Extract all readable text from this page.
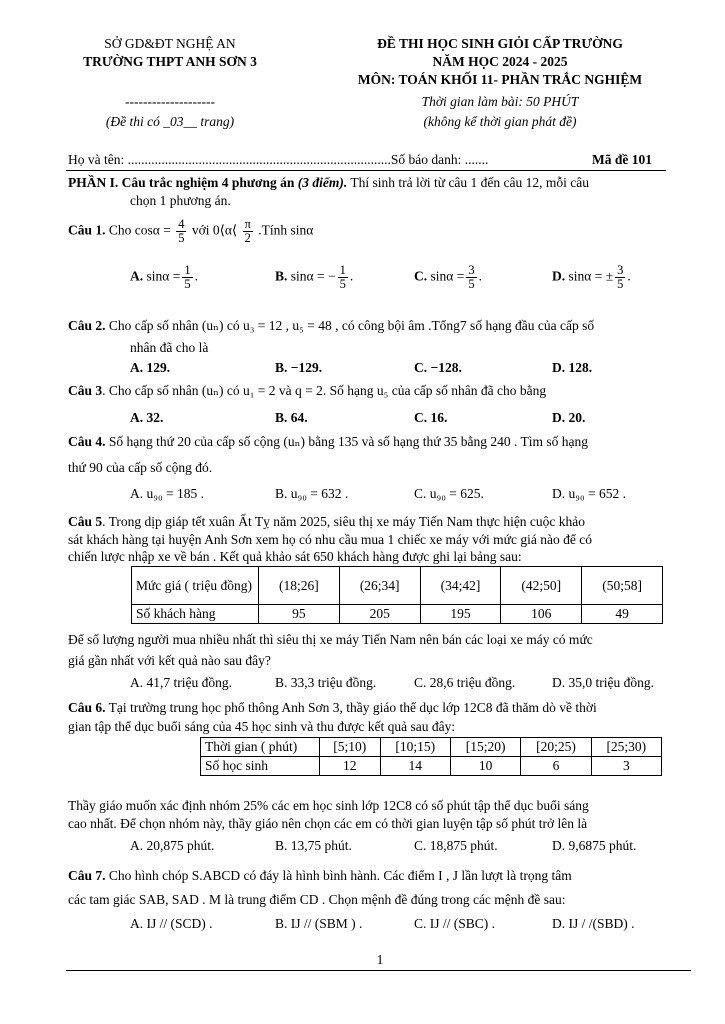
SỞ GD&ĐT NGHỆ AN
TRƯỜNG THPT ANH SƠN 3
ĐỀ THI HỌC SINH GIỎI CẤP TRƯỜNG
NĂM HỌC 2024 - 2025
MÔN: TOÁN KHỐI 11- PHẦN TRẮC NGHIỆM
--------------------	Thời gian làm bài: 50 PHÚT
(Đề thi có _03__ trang)	(không kể thời gian phát đề)
Họ và tên: ..............................................................................Số báo danh: .......	Mã đề 101
PHẦN I. Câu trắc nghiệm 4 phương án (3 điểm). Thí sinh trả lời từ câu 1 đến câu 12, mỗi câu
chọn 1 phương án.
Câu 1. Cho $\cos\alpha = \frac{4}{5}$ với 0⟨α⟨ $\frac{\pi}{2}$ .Tính sinα
A. $\sin\alpha = \frac{1}{5}$ .	B. sinα = − $\frac{1}{5}$ .	C. $\sin\alpha = \frac{3}{5}$ .	D. sinα = ± $\frac{3}{5}$ .
Câu 2. Cho cấp số nhân (uₙ) có u₃ = 12 , u₅ = 48 , có công bội âm .Tổng7 số hạng đầu của cấp số
nhân đã cho là
A. 129.	B. −129.	C. −128.	D. 128.
Câu 3. Cho cấp số nhân (uₙ) có u₁ = 2 và q = 2. Số hạng u₅ của cấp số nhân đã cho bằng
A. 32.	B. 64.	C. 16.	D. 20.
Câu 4. Số hạng thứ 20 của cấp số cộng (uₙ) bằng 135 và số hạng thứ 35 bằng 240 . Tìm số hạng
thứ 90 của cấp số cộng đó.
A. u₉₀ = 185 .	B. u₉₀ = 632 .	C. u₉₀ = 625.	D. u₉₀ = 652 .
Câu 5. Trong dịp giáp tết xuân Ất Tỵ năm 2025, siêu thị xe máy Tiến Nam thực hiện cuộc khảo
sát khách hàng tại huyện Anh Sơn xem họ có nhu cầu mua 1 chiếc xe máy với mức giá nào để có
chiến lược nhập xe về bán . Kết quả khảo sát 650 khách hàng được ghi lại bảng sau:
Mức giá ( triệu đồng)	(18;26]	(26;34]	(34;42]	(42;50]	(50;58]
Số khách hàng	95	205	195	106	49
Để số lượng người mua nhiều nhất thì siêu thị xe máy Tiến Nam nên bán các loại xe máy có mức
giá gần nhất với kết quả nào sau đây?
A. 41,7 triệu đồng.	B. 33,3 triệu đồng.	C. 28,6 triệu đồng.	D. 35,0 triệu đồng.
Câu 6. Tại trường trung học phổ thông Anh Sơn 3, thầy giáo thể dục lớp 12C8 đã thăm dò về thời
gian tập thể dục buổi sáng của 45 học sinh và thu được kết quả sau đây:
Thời gian ( phút)	[5;10)	[10;15)	[15;20)	[20;25)	[25;30)
Số học sinh	12	14	10	6	3
Thầy giáo muốn xác định nhóm 25% các em học sinh lớp 12C8 có số phút tập thể dục buổi sáng
cao nhất. Để chọn nhóm này, thầy giáo nên chọn các em có thời gian luyện tập số phút trở lên là
A. 20,875 phút.	B. 13,75 phút.	C. 18,875 phút.	D. 9,6875 phút.
Câu 7. Cho hình chóp S.ABCD có đáy là hình bình hành. Các điểm I , J lần lượt là trọng tâm
các tam giác SAB, SAD . M là trung điểm CD . Chọn mệnh đề đúng trong các mệnh đề sau:
A. IJ // (SCD) .	B. IJ // (SBM ) .	C. IJ // (SBC) .	D. IJ / /(SBD) .
1
